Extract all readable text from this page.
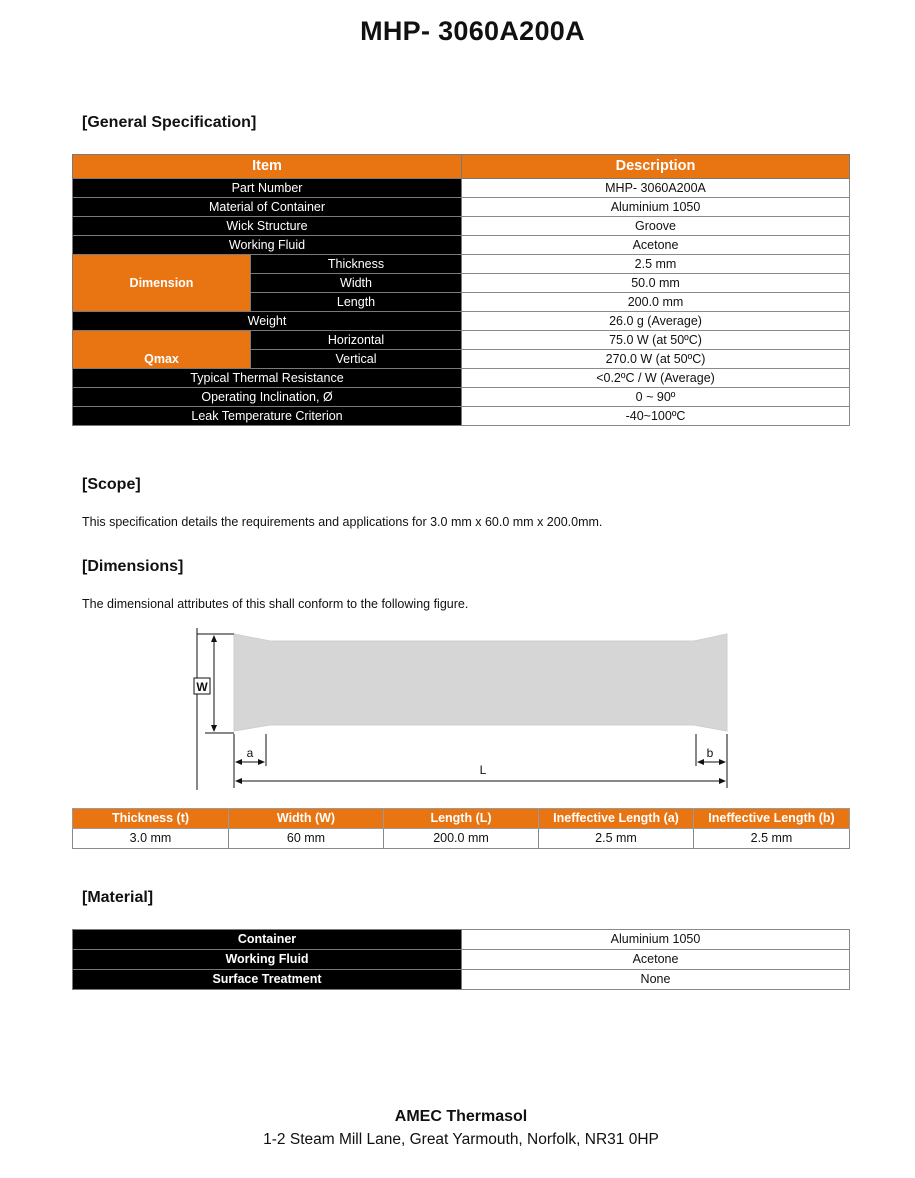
MHP- 3060A200A
[General Specification]
Item		Description
Part Number		MHP- 3060A200A
Material of Container		Aluminium 1050
Wick Structure		Groove
Working Fluid		Acetone
Dimension	Thickness	2.5 mm
	Width	50.0 mm
	Length	200.0 mm
Weight		26.0 g (Average)
Qmax	Horizontal	75.0 W (at 50ºC)
	Vertical	270.0 W (at 50ºC)
Typical Thermal Resistance		<0.2ºC / W (Average)
Operating Inclination, Ø		0 ~ 90º
Leak Temperature Criterion		-40~100ºC
[Scope]
This specification details the requirements and applications for 3.0 mm x 60.0 mm x 200.0mm.
[Dimensions]
The dimensional attributes of this shall conform to the following figure.
W
a	b
L
Thickness (t)	Width (W)	Length (L)	Ineffective Length (a)	Ineffective Length (b)
3.0 mm	60 mm	200.0 mm	2.5 mm	2.5 mm
[Material]
Container	Aluminium 1050
Working Fluid	Acetone
Surface Treatment	None
AMEC Thermasol
1-2 Steam Mill Lane, Great Yarmouth, Norfolk, NR31 0HP
